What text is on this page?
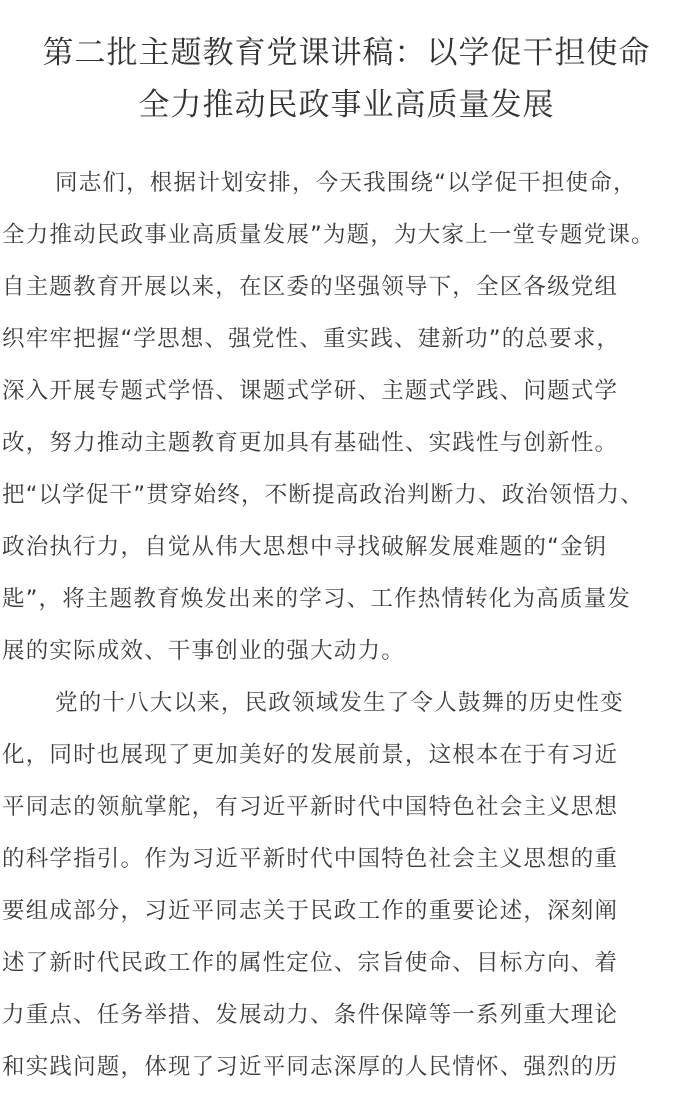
第二批主题教育党课讲稿：以学促干担使命
全力推动民政事业高质量发展

同志们，根据计划安排，今天我围绕“以学促干担使命，
全力推动民政事业高质量发展”为题，为大家上一堂专题党课。
自主题教育开展以来，在区委的坚强领导下，全区各级党组
织牢牢把握“学思想、强党性、重实践、建新功”的总要求，
深入开展专题式学悟、课题式学研、主题式学践、问题式学
改，努力推动主题教育更加具有基础性、实践性与创新性。
把“以学促干”贯穿始终，不断提高政治判断力、政治领悟力、
政治执行力，自觉从伟大思想中寻找破解发展难题的“金钥
匙”，将主题教育焕发出来的学习、工作热情转化为高质量发
展的实际成效、干事创业的强大动力。

党的十八大以来，民政领域发生了令人鼓舞的历史性变
化，同时也展现了更加美好的发展前景，这根本在于有习近
平同志的领航掌舵，有习近平新时代中国特色社会主义思想
的科学指引。作为习近平新时代中国特色社会主义思想的重
要组成部分，习近平同志关于民政工作的重要论述，深刻阐
述了新时代民政工作的属性定位、宗旨使命、目标方向、着
力重点、任务举措、发展动力、条件保障等一系列重大理论
和实践问题，体现了习近平同志深厚的人民情怀、强烈的历
